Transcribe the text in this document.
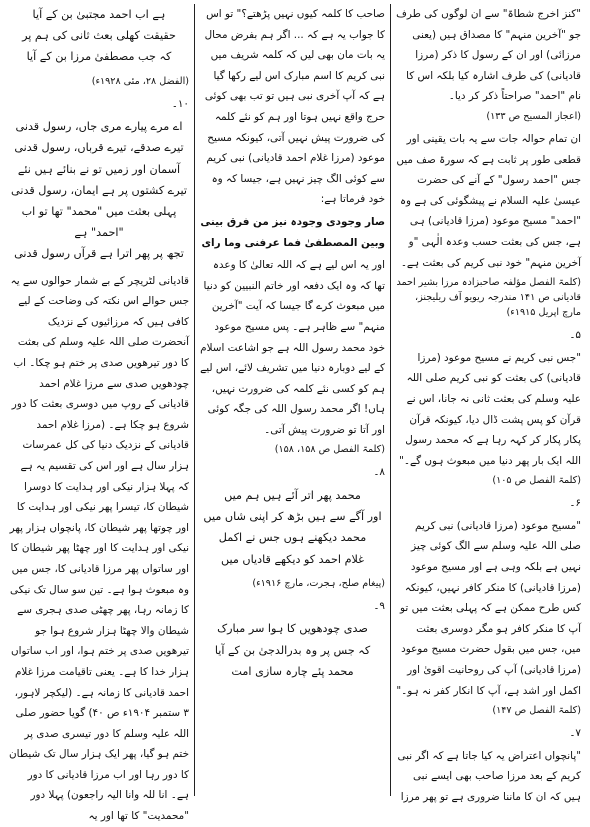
"کنز اخرج شطاۃ" سے ان لوگوں کی طرف جو "آخرین منہم" کا مصداق ہیں (یعنی مرزائی) اور ان کے رسول کا ذکر (مرزا قادیانی) کی طرف اشارہ کیا بلکہ اس کا نام "احمد" صراحتاً ذکر کر دیا۔

(اعجاز المسیح ص ۱۳۳)

ان تمام حوالہ جات سے یہ بات یقینی اور قطعی طور پر ثابت ہے کہ سورۃ صف میں جس "احمد رسول" کے آنے کی حضرت عیسیٰ علیہ السلام نے پیشگوئی کی ہے وہ "احمد" مسیح موعود (مرزا قادیانی) ہی ہے، جس کی بعثت حسب وعدہ الٰہی "و آخرین منہم" خود نبی کریم کی بعثت ہے۔

(کلمۃ الفصل مؤلفہ صاحبزادہ مرزا بشیر احمد قادیانی ص ۱۴۱ مندرجہ ریویو آف ریلیجنز، مارچ اپریل ۱۹۱۵ء)
۵۔

"جس نبی کریم نے مسیح موعود (مرزا قادیانی) کی بعثت کو نبی کریم صلی اللہ علیہ وسلم کی بعثت ثانی نہ جانا، اس نے قرآن کو پس پشت ڈال دیا، کیونکہ قرآن پکار پکار کر کہہ رہا ہے کہ محمد رسول اللہ ایک بار پھر دنیا میں مبعوث ہوں گے۔"

(کلمۃ الفصل ص ۱۰۵)
۶۔

"مسیح موعود (مرزا قادیانی) نبی کریم صلی اللہ علیہ وسلم سے الگ کوئی چیز نہیں ہے بلکہ وہی ہے اور مسیح موعود (مرزا قادیانی) کا منکر کافر نہیں، کیونکہ کس طرح ممکن ہے کہ پہلی بعثت میں تو آپ کا منکر کافر ہو مگر دوسری بعثت میں، جس میں بقول حضرت مسیح موعود (مرزا قادیانی) آپ کی روحانیت اقویٰ اور اکمل اور اشد ہے، آپ کا انکار کفر نہ ہو۔"

(کلمۃ الفصل ص ۱۴۷)
۷۔

"پانچواں اعتراض یہ کیا جاتا ہے کہ اگر نبی کریم کے بعد مرزا صاحب بھی ایسے نبی ہیں کہ ان کا ماننا ضروری ہے تو پھر مرزا

صاحب کا کلمہ کیوں نہیں پڑھتے؟" تو اس کا جواب یہ ہے کہ ... اگر ہم بفرض محال یہ بات مان بھی لیں کہ کلمہ شریف میں نبی کریم کا اسم مبارک اس لیے رکھا گیا ہے کہ آپ آخری نبی ہیں تو تب بھی کوئی حرج واقع نہیں ہوتا اور ہم کو نئے کلمہ کی ضرورت پیش نہیں آتی، کیونکہ مسیح موعود (مرزا غلام احمد قادیانی) نبی کریم سے کوئی الگ چیز نہیں ہے، جیسا کہ وہ خود فرماتا ہے:

صار وجودی وجودہ نیز من فرق بینی وبین المصطفیٰ فما عرفنی وما رای

اور یہ اس لیے ہے کہ اللہ تعالیٰ کا وعدہ تھا کہ وہ ایک دفعہ اور خاتم النبیین کو دنیا میں مبعوث کرے گا جیسا کہ آیت "آخرین منہم" سے ظاہر ہے۔ پس مسیح موعود خود محمد رسول اللہ ہے جو اشاعت اسلام کے لیے دوبارہ دنیا میں تشریف لائے، اس لیے ہم کو کسی نئے کلمہ کی ضرورت نہیں، ہاں! اگر محمد رسول اللہ کی جگہ کوئی اور آتا تو ضرورت پیش آتی۔

(کلمۃ الفصل ص ۱۵۸، ۱۵۸)
۸۔
محمد پھر اتر آئے ہیں ہم میں
اور آگے سے ہیں بڑھ کر اپنی شاں میں
محمد دیکھنے ہوں جس نے اکمل
غلام احمد کو دیکھے قادیاں میں
(پیغام صلح، ہجرت، مارچ ۱۹۱۶ء)
۹۔
صدی چودھویں کا ہوا سر مبارک
کہ جس پر وہ بدرالدجیٰ بن کے آیا
محمد پئے چارہ سازی امت
ہے اب احمد مجتبیٰ بن کے آیا
حقیقت کھلی بعث ثانی کی ہم پر
کہ جب مصطفیٰ مرزا بن کے آیا
(الفضل ۲۸، مئی ۱۹۲۸ء)
۱۰۔
اے مرے پیارے مری جاں، رسول قدنی
تیرے صدقے، تیرے قرباں، رسول قدنی
آسمان اور زمیں تو نے بنائے ہیں نئے
تیرے کشتوں پر ہے ایمان، رسول قدنی
پہلی بعثت میں "محمد" تھا تو اب "احمد" ہے
تجھ پر پھر اترا ہے قرآں رسول قدنی

قادیانی لٹریچر کے بے شمار حوالوں سے یہ جس حوالے اس نکتہ کی وضاحت کے لیے کافی ہیں کہ مرزائیوں کے نزدیک آنحضرت صلی اللہ علیہ وسلم کی بعثت کا دور تیرھویں صدی پر ختم ہو چکا۔ اب چودھویں صدی سے مرزا غلام احمد قادیانی کے روپ میں دوسری بعثت کا دور شروع ہو چکا ہے۔ (مرزا غلام احمد قادیانی کے نزدیک دنیا کی کل عمرسات ہزار سال ہے اور اس کی تقسیم یہ ہے کہ پہلا ہزار نیکی اور ہدایت کا دوسرا شیطان کا، تیسرا پھر نیکی اور ہدایت کا اور چوتھا پھر شیطان کا، پانچواں ہزار پھر نیکی اور ہدایت کا اور چھٹا پھر شیطان کا اور ساتواں پھر مرزا قادیانی کا، جس میں وہ مبعوث ہوا ہے۔ تین سو سال تک نیکی کا زمانہ رہا، پھر چھٹی صدی ہجری سے شیطان والا چھٹا ہزار شروع ہوا جو تیرھویں صدی پر ختم ہوا، اور اب ساتواں ہزار خدا کا ہے۔ یعنی تاقیامت مرزا غلام احمد قادیانی کا زمانہ ہے۔ (لیکچر لاہور، ۳ ستمبر ۱۹۰۴ء ص ۴۰) گویا حضور صلی اللہ علیہ وسلم کا دور تیسری صدی پر ختم ہو گیا، پھر ایک ہزار سال تک شیطان کا دور رہا اور اب مرزا قادیانی کا دور ہے۔ انا للہ وانا الیہ راجعون) پہلا دور "محمدیت" کا تھا اور یہ
